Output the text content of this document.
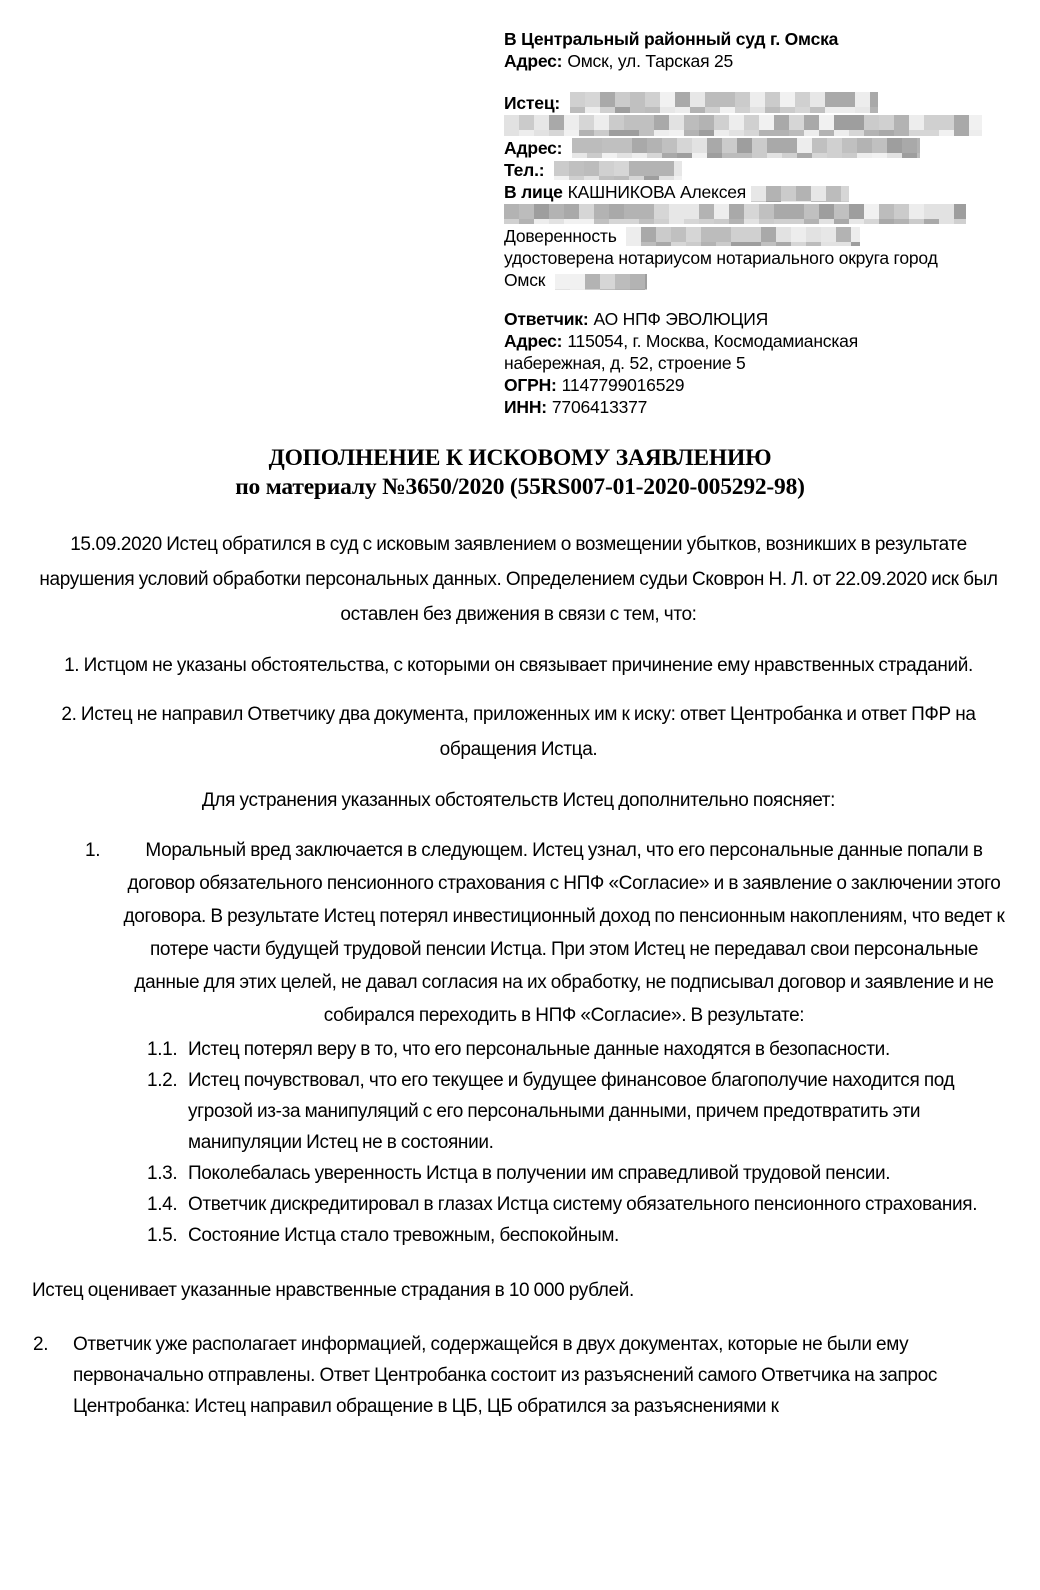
В Центральный районный суд г. Омска
Адрес: Омск, ул. Тарская 25
Истец:
Адрес:
Тел.:
В лице КАШНИКОВА Алексея
Доверенность
удостоверена нотариусом нотариального округа город
Омск
Ответчик: АО НПФ ЭВОЛЮЦИЯ
Адрес: 115054, г. Москва, Космодамианская набережная, д. 52, строение 5
ОГРН: 1147799016529
ИНН: 7706413377
ДОПОЛНЕНИЕ К ИСКОВОМУ ЗАЯВЛЕНИЮ
по материалу №3650/2020 (55RS007-01-2020-005292-98)
15.09.2020 Истец обратился в суд с исковым заявлением о возмещении убытков, возникших в результате нарушения условий обработки персональных данных. Определением судьи Сковрон Н. Л. от 22.09.2020 иск был оставлен без движения в связи с тем, что:
1. Истцом не указаны обстоятельства, с которыми он связывает причинение ему нравственных страданий.
2. Истец не направил Ответчику два документа, приложенных им к иску: ответ Центробанка и ответ ПФР на обращения Истца.
Для устранения указанных обстоятельств Истец дополнительно поясняет:
1.	Моральный вред заключается в следующем. Истец узнал, что его персональные данные попали в договор обязательного пенсионного страхования с НПФ «Согласие» и в заявление о заключении этого договора. В результате Истец потерял инвестиционный доход по пенсионным накоплениям, что ведет к потере части будущей трудовой пенсии Истца. При этом Истец не передавал свои персональные данные для этих целей, не давал согласия на их обработку, не подписывал договор и заявление и не собирался переходить в НПФ «Согласие». В результате:
1.1. Истец потерял веру в то, что его персональные данные находятся в безопасности.
1.2. Истец почувствовал, что его текущее и будущее финансовое благополучие находится под угрозой из-за манипуляций с его персональными данными, причем предотвратить эти манипуляции Истец не в состоянии.
1.3. Поколебалась уверенность Истца в получении им справедливой трудовой пенсии.
1.4. Ответчик дискредитировал в глазах Истца систему обязательного пенсионного страхования.
1.5. Состояние Истца стало тревожным, беспокойным.
Истец оценивает указанные нравственные страдания в 10 000 рублей.
2. Ответчик уже располагает информацией, содержащейся в двух документах, которые не были ему первоначально отправлены. Ответ Центробанка состоит из разъяснений самого Ответчика на запрос Центробанка: Истец направил обращение в ЦБ, ЦБ обратился за разъяснениями к
